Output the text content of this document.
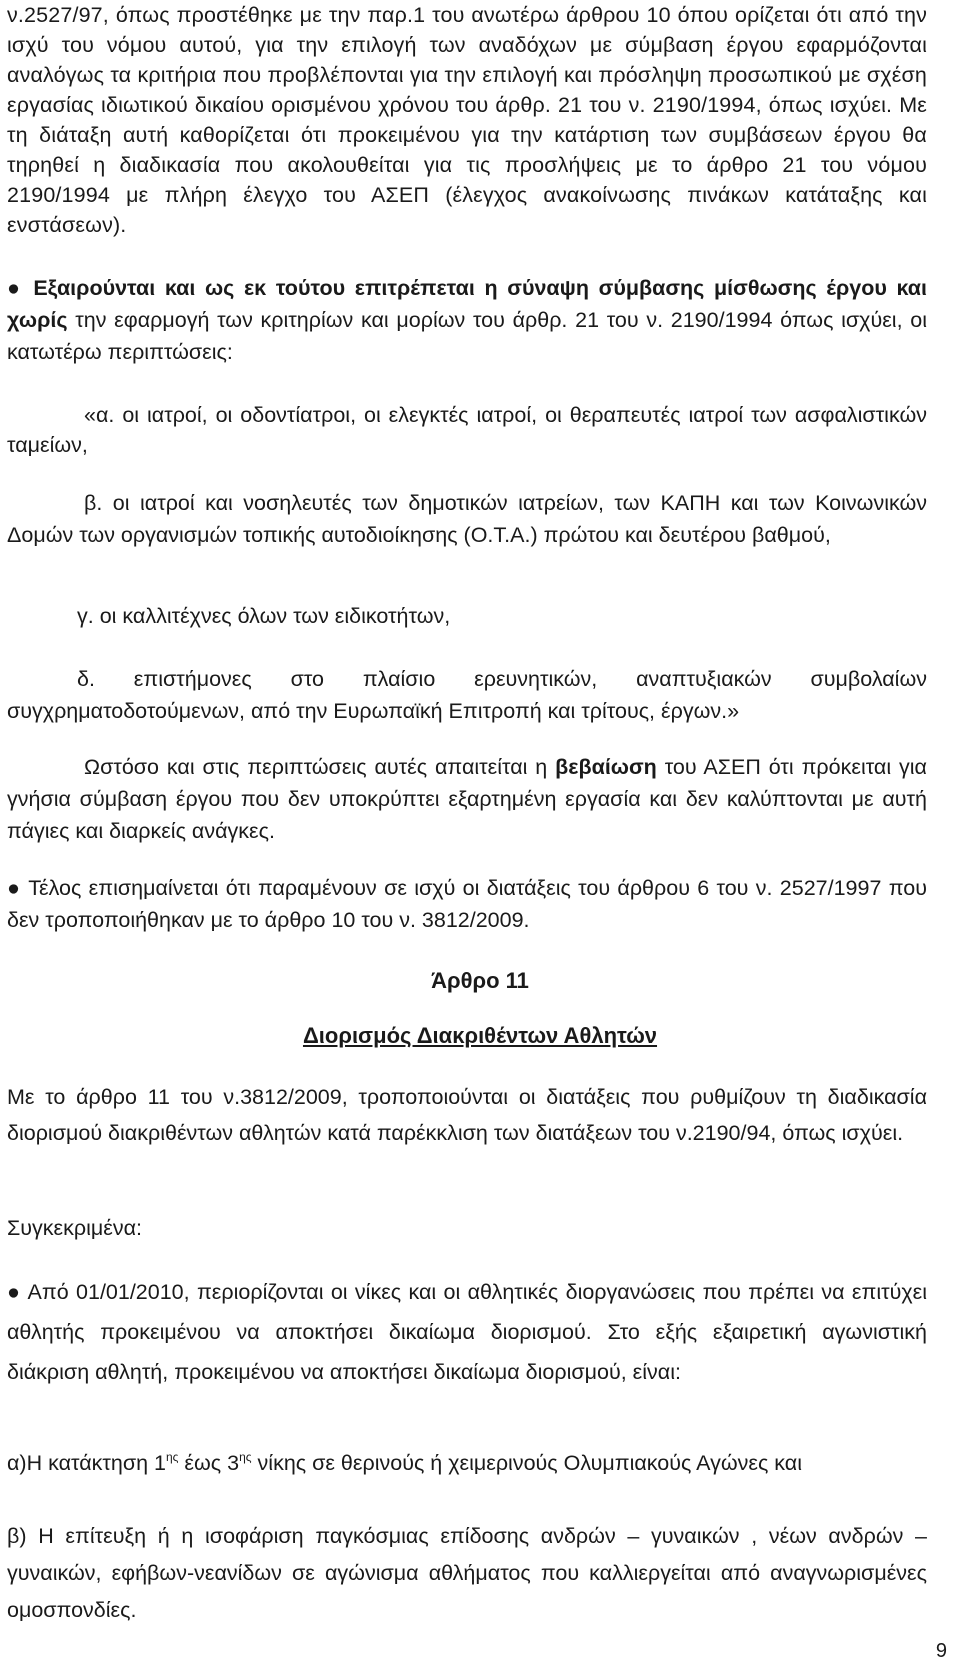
ν.2527/97, όπως προστέθηκε με την παρ.1 του ανωτέρω άρθρου 10 όπου ορίζεται ότι από την ισχύ του νόμου αυτού, για την επιλογή των αναδόχων με σύμβαση έργου εφαρμόζονται αναλόγως τα κριτήρια που προβλέπονται για την επιλογή και πρόσληψη προσωπικού με σχέση εργασίας ιδιωτικού δικαίου ορισμένου χρόνου του άρθρ. 21 του ν. 2190/1994, όπως ισχύει. Με τη διάταξη αυτή καθορίζεται ότι προκειμένου για την κατάρτιση των συμβάσεων έργου θα τηρηθεί η διαδικασία που ακολουθείται για τις προσλήψεις με το άρθρο 21 του νόμου 2190/1994 με πλήρη έλεγχο του ΑΣΕΠ (έλεγχος ανακοίνωσης πινάκων κατάταξης και ενστάσεων).

● Εξαιρούνται και ως εκ τούτου επιτρέπεται η σύναψη σύμβασης μίσθωσης έργου και χωρίς την εφαρμογή των κριτηρίων και μορίων του άρθρ. 21 του ν. 2190/1994 όπως ισχύει, οι κατωτέρω περιπτώσεις:

«α. οι ιατροί, οι οδοντίατροι, οι ελεγκτές ιατροί, οι θεραπευτές ιατροί των ασφαλιστικών ταμείων,

β. οι ιατροί και νοσηλευτές των δημοτικών ιατρείων, των ΚΑΠΗ και των Κοινωνικών Δομών των οργανισμών τοπικής αυτοδιοίκησης (Ο.Τ.Α.) πρώτου και δευτέρου βαθμού,

γ. οι καλλιτέχνες όλων των ειδικοτήτων,

δ. επιστήμονες στο πλαίσιο ερευνητικών, αναπτυξιακών συμβολαίων συγχρηματοδοτούμενων, από την Ευρωπαϊκή Επιτροπή και τρίτους, έργων.»

Ωστόσο και στις περιπτώσεις αυτές απαιτείται η βεβαίωση του ΑΣΕΠ ότι πρόκειται για γνήσια σύμβαση έργου που δεν υποκρύπτει εξαρτημένη εργασία και δεν καλύπτονται με αυτή πάγιες και διαρκείς ανάγκες.

● Τέλος επισημαίνεται ότι παραμένουν σε ισχύ οι διατάξεις του άρθρου 6 του ν. 2527/1997 που δεν τροποποιήθηκαν με το άρθρο 10 του ν. 3812/2009.

Άρθρο 11

Διορισμός Διακριθέντων Αθλητών

Με το άρθρο 11 του ν.3812/2009, τροποποιούνται οι διατάξεις που ρυθμίζουν τη διαδικασία διορισμού διακριθέντων αθλητών κατά παρέκκλιση των διατάξεων του ν.2190/94, όπως ισχύει.

Συγκεκριμένα:

● Από 01/01/2010, περιορίζονται οι νίκες και οι αθλητικές διοργανώσεις που πρέπει να επιτύχει αθλητής προκειμένου να αποκτήσει δικαίωμα διορισμού. Στο εξής εξαιρετική αγωνιστική διάκριση αθλητή, προκειμένου να αποκτήσει δικαίωμα διορισμού, είναι:

α)Η κατάκτηση $1^{\eta\varsigma}$ έως $3^{\eta\varsigma}$ νίκης σε θερινούς ή χειμερινούς Ολυμπιακούς Αγώνες και

β) Η επίτευξη ή η ισοφάριση παγκόσμιας επίδοσης ανδρών – γυναικών , νέων ανδρών –γυναικών, εφήβων-νεανίδων σε αγώνισμα αθλήματος που καλλιεργείται από αναγνωρισμένες ομοσπονδίες.

9
